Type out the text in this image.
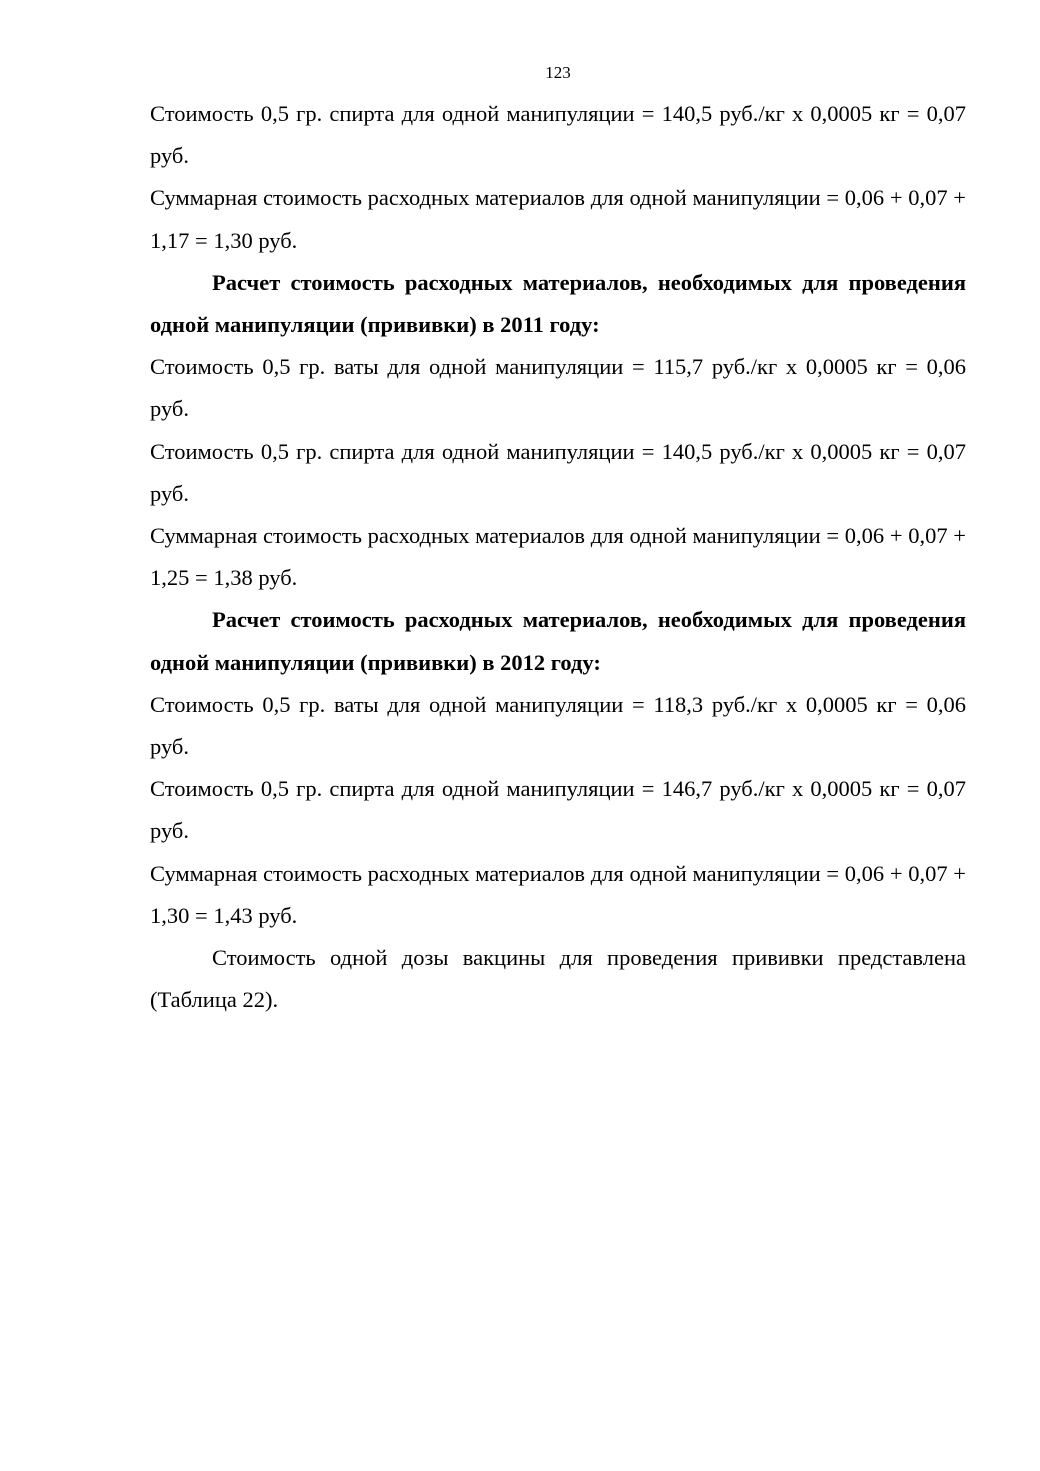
123

Стоимость 0,5 гр. спирта для одной манипуляции = 140,5 руб./кг х 0,0005 кг = 0,07 руб.

Суммарная стоимость расходных материалов для одной манипуляции = 0,06 + 0,07 + 1,17 = 1,30 руб.

Расчет стоимость расходных материалов, необходимых для проведения одной манипуляции (прививки) в 2011 году:

Стоимость 0,5 гр. ваты для одной манипуляции = 115,7 руб./кг х 0,0005 кг = 0,06 руб.

Стоимость 0,5 гр. спирта для одной манипуляции = 140,5 руб./кг х 0,0005 кг = 0,07 руб.

Суммарная стоимость расходных материалов для одной манипуляции = 0,06 + 0,07 + 1,25 = 1,38 руб.

Расчет стоимость расходных материалов, необходимых для проведения одной манипуляции (прививки) в 2012 году:

Стоимость 0,5 гр. ваты для одной манипуляции = 118,3 руб./кг х 0,0005 кг = 0,06 руб.

Стоимость 0,5 гр. спирта для одной манипуляции = 146,7 руб./кг х 0,0005 кг = 0,07 руб.

Суммарная стоимость расходных материалов для одной манипуляции = 0,06 + 0,07 + 1,30 = 1,43 руб.

Стоимость одной дозы вакцины для проведения прививки представлена (Таблица 22).
